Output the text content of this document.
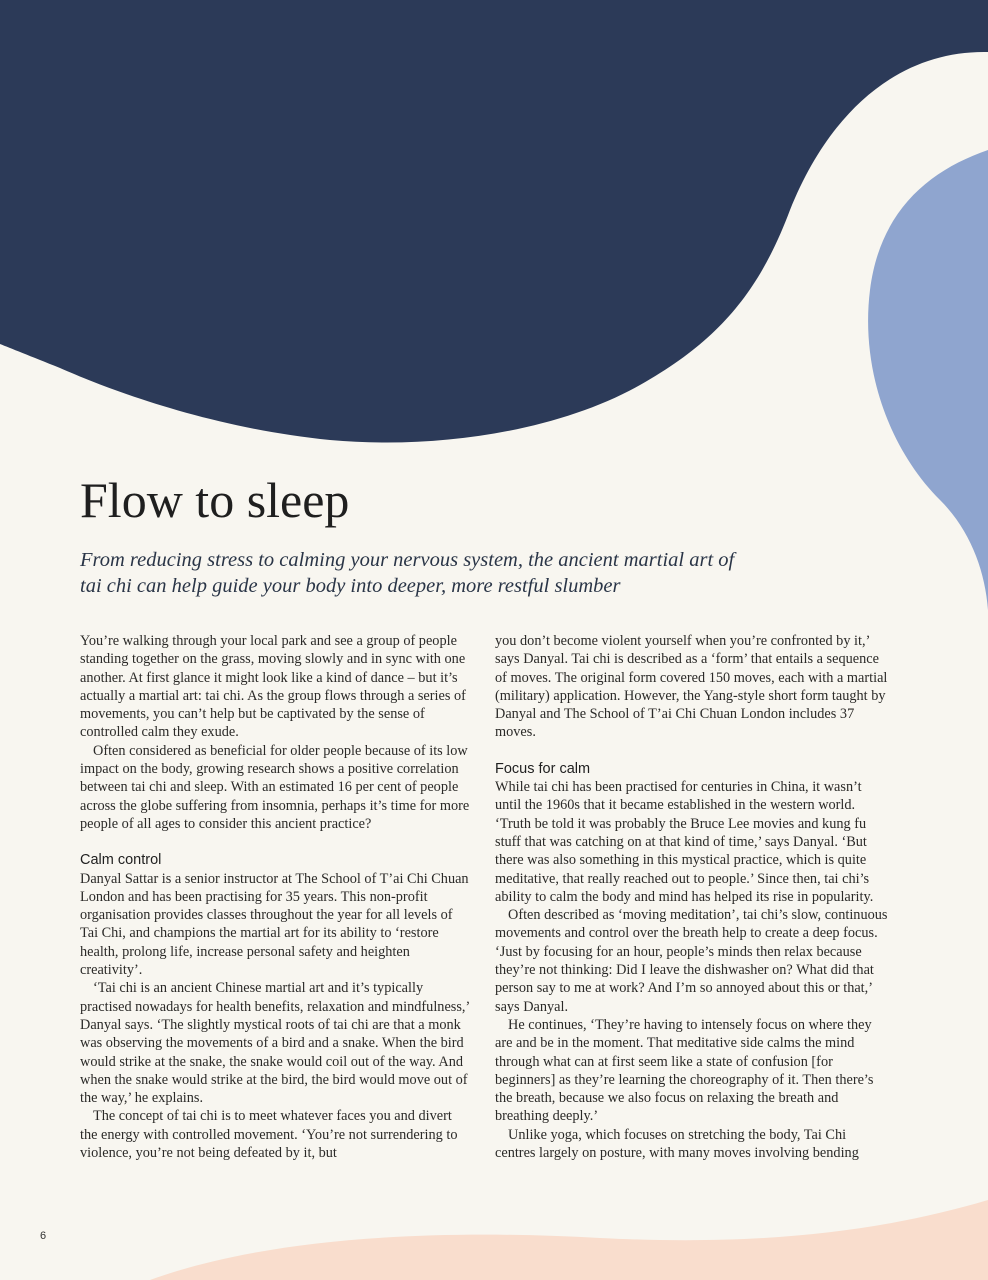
Flow to sleep

From reducing stress to calming your nervous system, the ancient martial art of tai chi can help guide your body into deeper, more restful slumber

You’re walking through your local park and see a group of people standing together on the grass, moving slowly and in sync with one another. At first glance it might look like a kind of dance – but it’s actually a martial art: tai chi. As the group flows through a series of movements, you can’t help but be captivated by the sense of controlled calm they exude.

Often considered as beneficial for older people because of its low impact on the body, growing research shows a positive correlation between tai chi and sleep. With an estimated 16 per cent of people across the globe suffering from insomnia, perhaps it’s time for more people of all ages to consider this ancient practice?

Calm control

Danyal Sattar is a senior instructor at The School of T’ai Chi Chuan London and has been practising for 35 years. This non-profit organisation provides classes throughout the year for all levels of Tai Chi, and champions the martial art for its ability to ‘restore health, prolong life, increase personal safety and heighten creativity’.

‘Tai chi is an ancient Chinese martial art and it’s typically practised nowadays for health benefits, relaxation and mindfulness,’ Danyal says. ‘The slightly mystical roots of tai chi are that a monk was observing the movements of a bird and a snake. When the bird would strike at the snake, the snake would coil out of the way. And when the snake would strike at the bird, the bird would move out of the way,’ he explains.

The concept of tai chi is to meet whatever faces you and divert the energy with controlled movement. ‘You’re not surrendering to violence, you’re not being defeated by it, but

you don’t become violent yourself when you’re confronted by it,’ says Danyal. Tai chi is described as a ‘form’ that entails a sequence of moves. The original form covered 150 moves, each with a martial (military) application. However, the Yang-style short form taught by Danyal and The School of T’ai Chi Chuan London includes 37 moves.

Focus for calm

While tai chi has been practised for centuries in China, it wasn’t until the 1960s that it became established in the western world. ‘Truth be told it was probably the Bruce Lee movies and kung fu stuff that was catching on at that kind of time,’ says Danyal. ‘But there was also something in this mystical practice, which is quite meditative, that really reached out to people.’ Since then, tai chi’s ability to calm the body and mind has helped its rise in popularity.

Often described as ‘moving meditation’, tai chi’s slow, continuous movements and control over the breath help to create a deep focus. ‘Just by focusing for an hour, people’s minds then relax because they’re not thinking: Did I leave the dishwasher on? What did that person say to me at work? And I’m so annoyed about this or that,’ says Danyal.

He continues, ‘They’re having to intensely focus on where they are and be in the moment. That meditative side calms the mind through what can at first seem like a state of confusion [for beginners] as they’re learning the choreography of it. Then there’s the breath, because we also focus on relaxing the breath and breathing deeply.’

Unlike yoga, which focuses on stretching the body, Tai Chi centres largely on posture, with many moves involving bending

6
